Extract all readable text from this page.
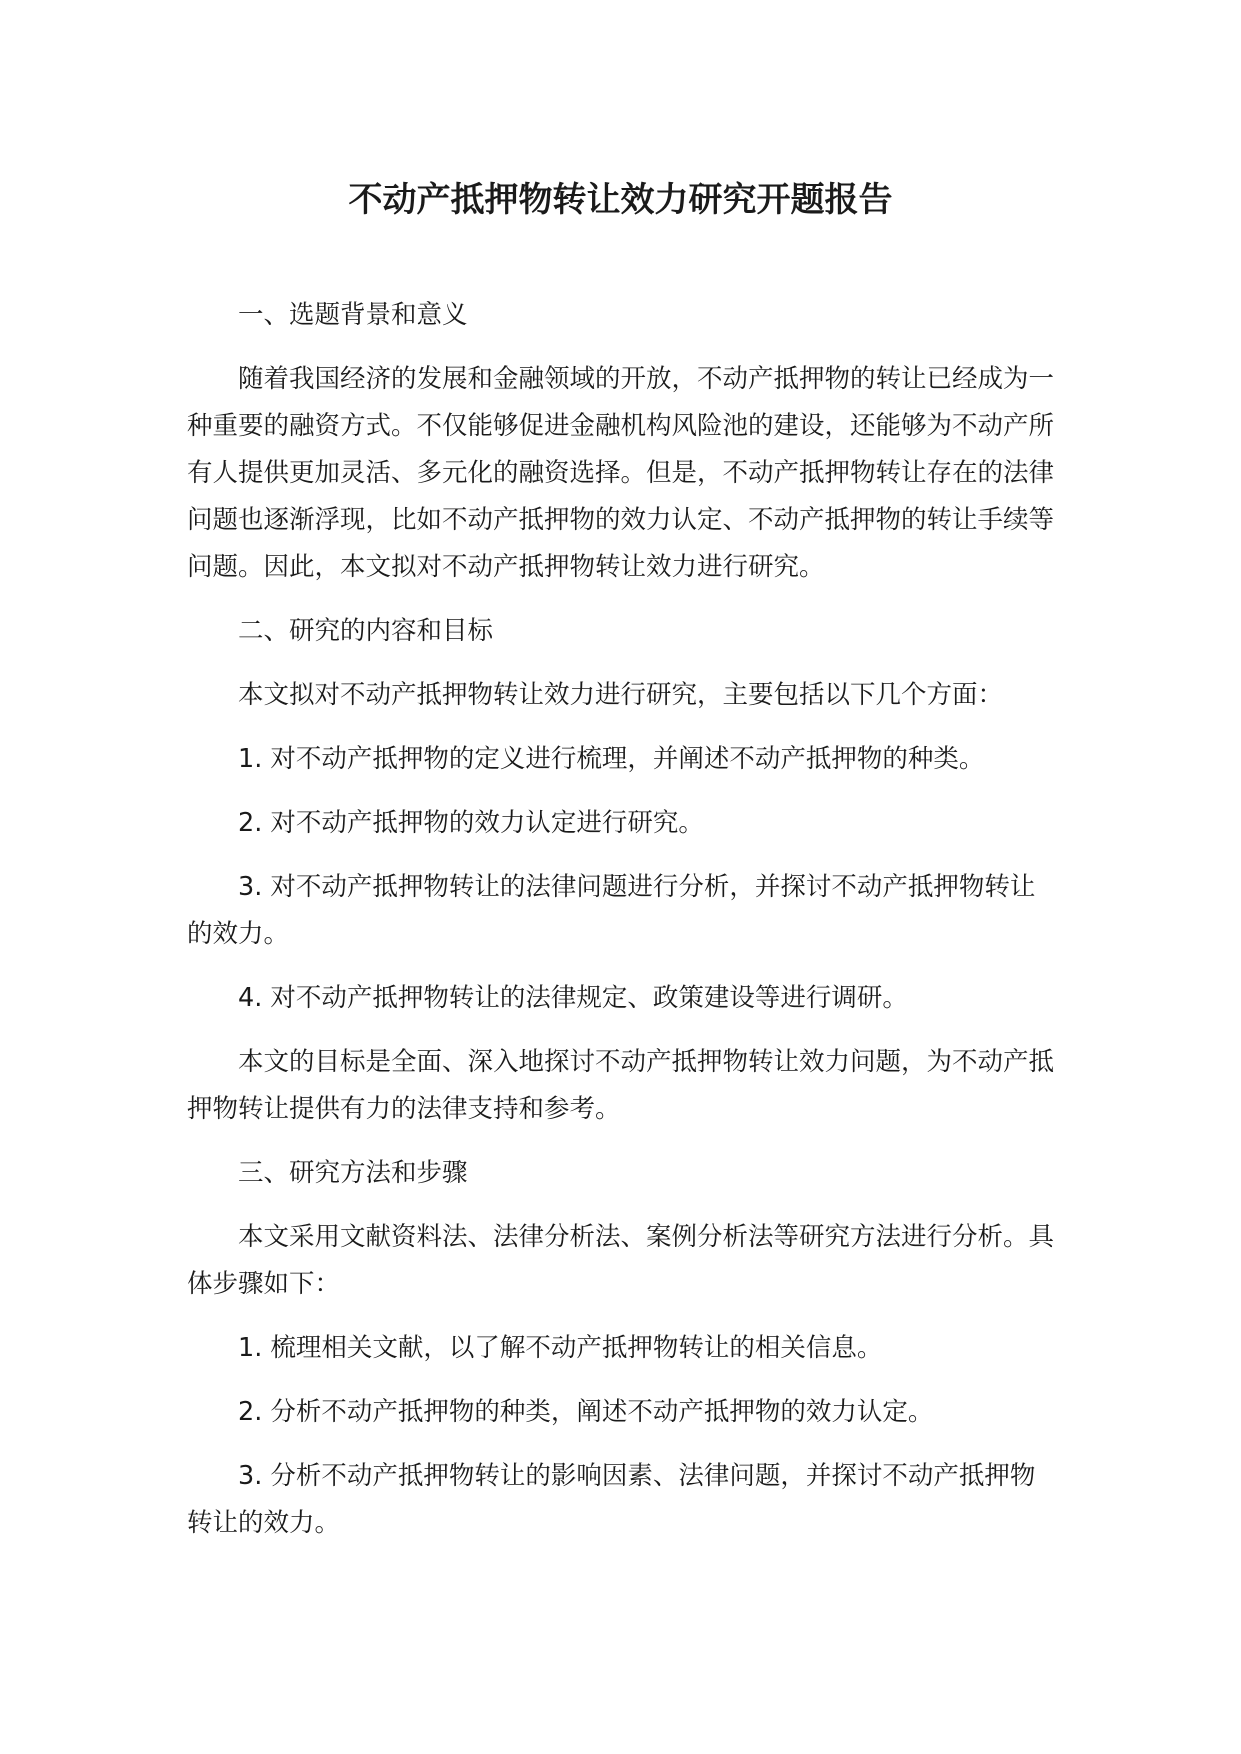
不动产抵押物转让效力研究开题报告

一、选题背景和意义

随着我国经济的发展和金融领域的开放，不动产抵押物的转让已经成为一种重要的融资方式。不仅能够促进金融机构风险池的建设，还能够为不动产所有人提供更加灵活、多元化的融资选择。但是，不动产抵押物转让存在的法律问题也逐渐浮现，比如不动产抵押物的效力认定、不动产抵押物的转让手续等问题。因此，本文拟对不动产抵押物转让效力进行研究。

二、研究的内容和目标

本文拟对不动产抵押物转让效力进行研究，主要包括以下几个方面：

1. 对不动产抵押物的定义进行梳理，并阐述不动产抵押物的种类。

2. 对不动产抵押物的效力认定进行研究。

3. 对不动产抵押物转让的法律问题进行分析，并探讨不动产抵押物转让的效力。

4. 对不动产抵押物转让的法律规定、政策建设等进行调研。

本文的目标是全面、深入地探讨不动产抵押物转让效力问题，为不动产抵押物转让提供有力的法律支持和参考。

三、研究方法和步骤

本文采用文献资料法、法律分析法、案例分析法等研究方法进行分析。具体步骤如下：

1. 梳理相关文献，以了解不动产抵押物转让的相关信息。

2. 分析不动产抵押物的种类，阐述不动产抵押物的效力认定。

3. 分析不动产抵押物转让的影响因素、法律问题，并探讨不动产抵押物转让的效力。
